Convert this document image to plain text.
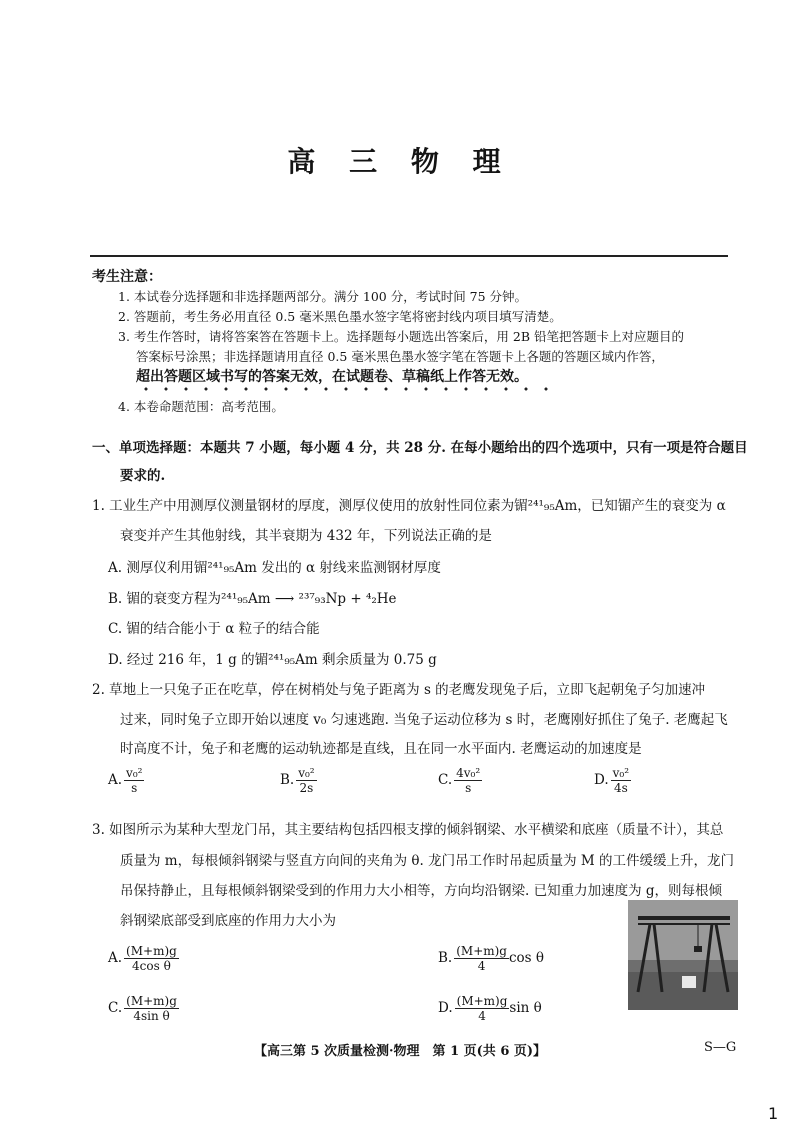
高 三 物 理
考生注意：
1. 本试卷分选择题和非选择题两部分。满分 100 分，考试时间 75 分钟。
2. 答题前，考生务必用直径 0.5 毫米黑色墨水签字笔将密封线内项目填写清楚。
3. 考生作答时，请将答案答在答题卡上。选择题每小题选出答案后，用 2B 铅笔把答题卡上对应题目的
答案标号涂黑；非选择题请用直径 0.5 毫米黑色墨水签字笔在答题卡上各题的答题区域内作答，
超出答题区域书写的答案无效，在试题卷、草稿纸上作答无效。
4. 本卷命题范围：高考范围。
一、单项选择题：本题共 7 小题，每小题 4 分，共 28 分. 在每小题给出的四个选项中，只有一项是符合题目
要求的.
1. 工业生产中用测厚仪测量钢材的厚度，测厚仪使用的放射性同位素为镅²⁴¹₉₅Am，已知镅产生的衰变为 α
衰变并产生其他射线，其半衰期为 432 年，下列说法正确的是
A. 测厚仪利用镅²⁴¹₉₅Am 发出的 α 射线来监测钢材厚度
B. 镅的衰变方程为²⁴¹₉₅Am ⟶ ²³⁷₉₃Np + ⁴₂He
C. 镅的结合能小于 α 粒子的结合能
D. 经过 216 年，1 g 的镅²⁴¹₉₅Am 剩余质量为 0.75 g
2. 草地上一只兔子正在吃草，停在树梢处与兔子距离为 s 的老鹰发现兔子后，立即飞起朝兔子匀加速冲
过来，同时兔子立即开始以速度 v₀ 匀速逃跑. 当兔子运动位移为 s 时，老鹰刚好抓住了兔子. 老鹰起飞
时高度不计，兔子和老鹰的运动轨迹都是直线，且在同一水平面内. 老鹰运动的加速度是
A. $\frac{\text{v₀²}}{s}$	B. $\frac{\text{v₀²}}{2s}$	C. $\frac{\text{4v₀²}}{s}$	D. $\frac{\text{v₀²}}{4s}$
3. 如图所示为某种大型龙门吊，其主要结构包括四根支撑的倾斜钢梁、水平横梁和底座（质量不计），其总
质量为 m，每根倾斜钢梁与竖直方向间的夹角为 θ. 龙门吊工作时吊起质量为 M 的工件缓缓上升，龙门
吊保持静止，且每根倾斜钢梁受到的作用力大小相等，方向均沿钢梁. 已知重力加速度为 g，则每根倾
斜钢梁底部受到底座的作用力大小为
A. $\frac{(M+m)g}{\text{4cos θ}}$	B. $\frac{(M+m)g}{4}$ cos θ
C. $\frac{(M+m)g}{\text{4sin θ}}$	D. $\frac{(M+m)g}{4}$ sin θ
【高三第 5 次质量检测·物理　第 1 页(共 6 页)】	S—G
1
